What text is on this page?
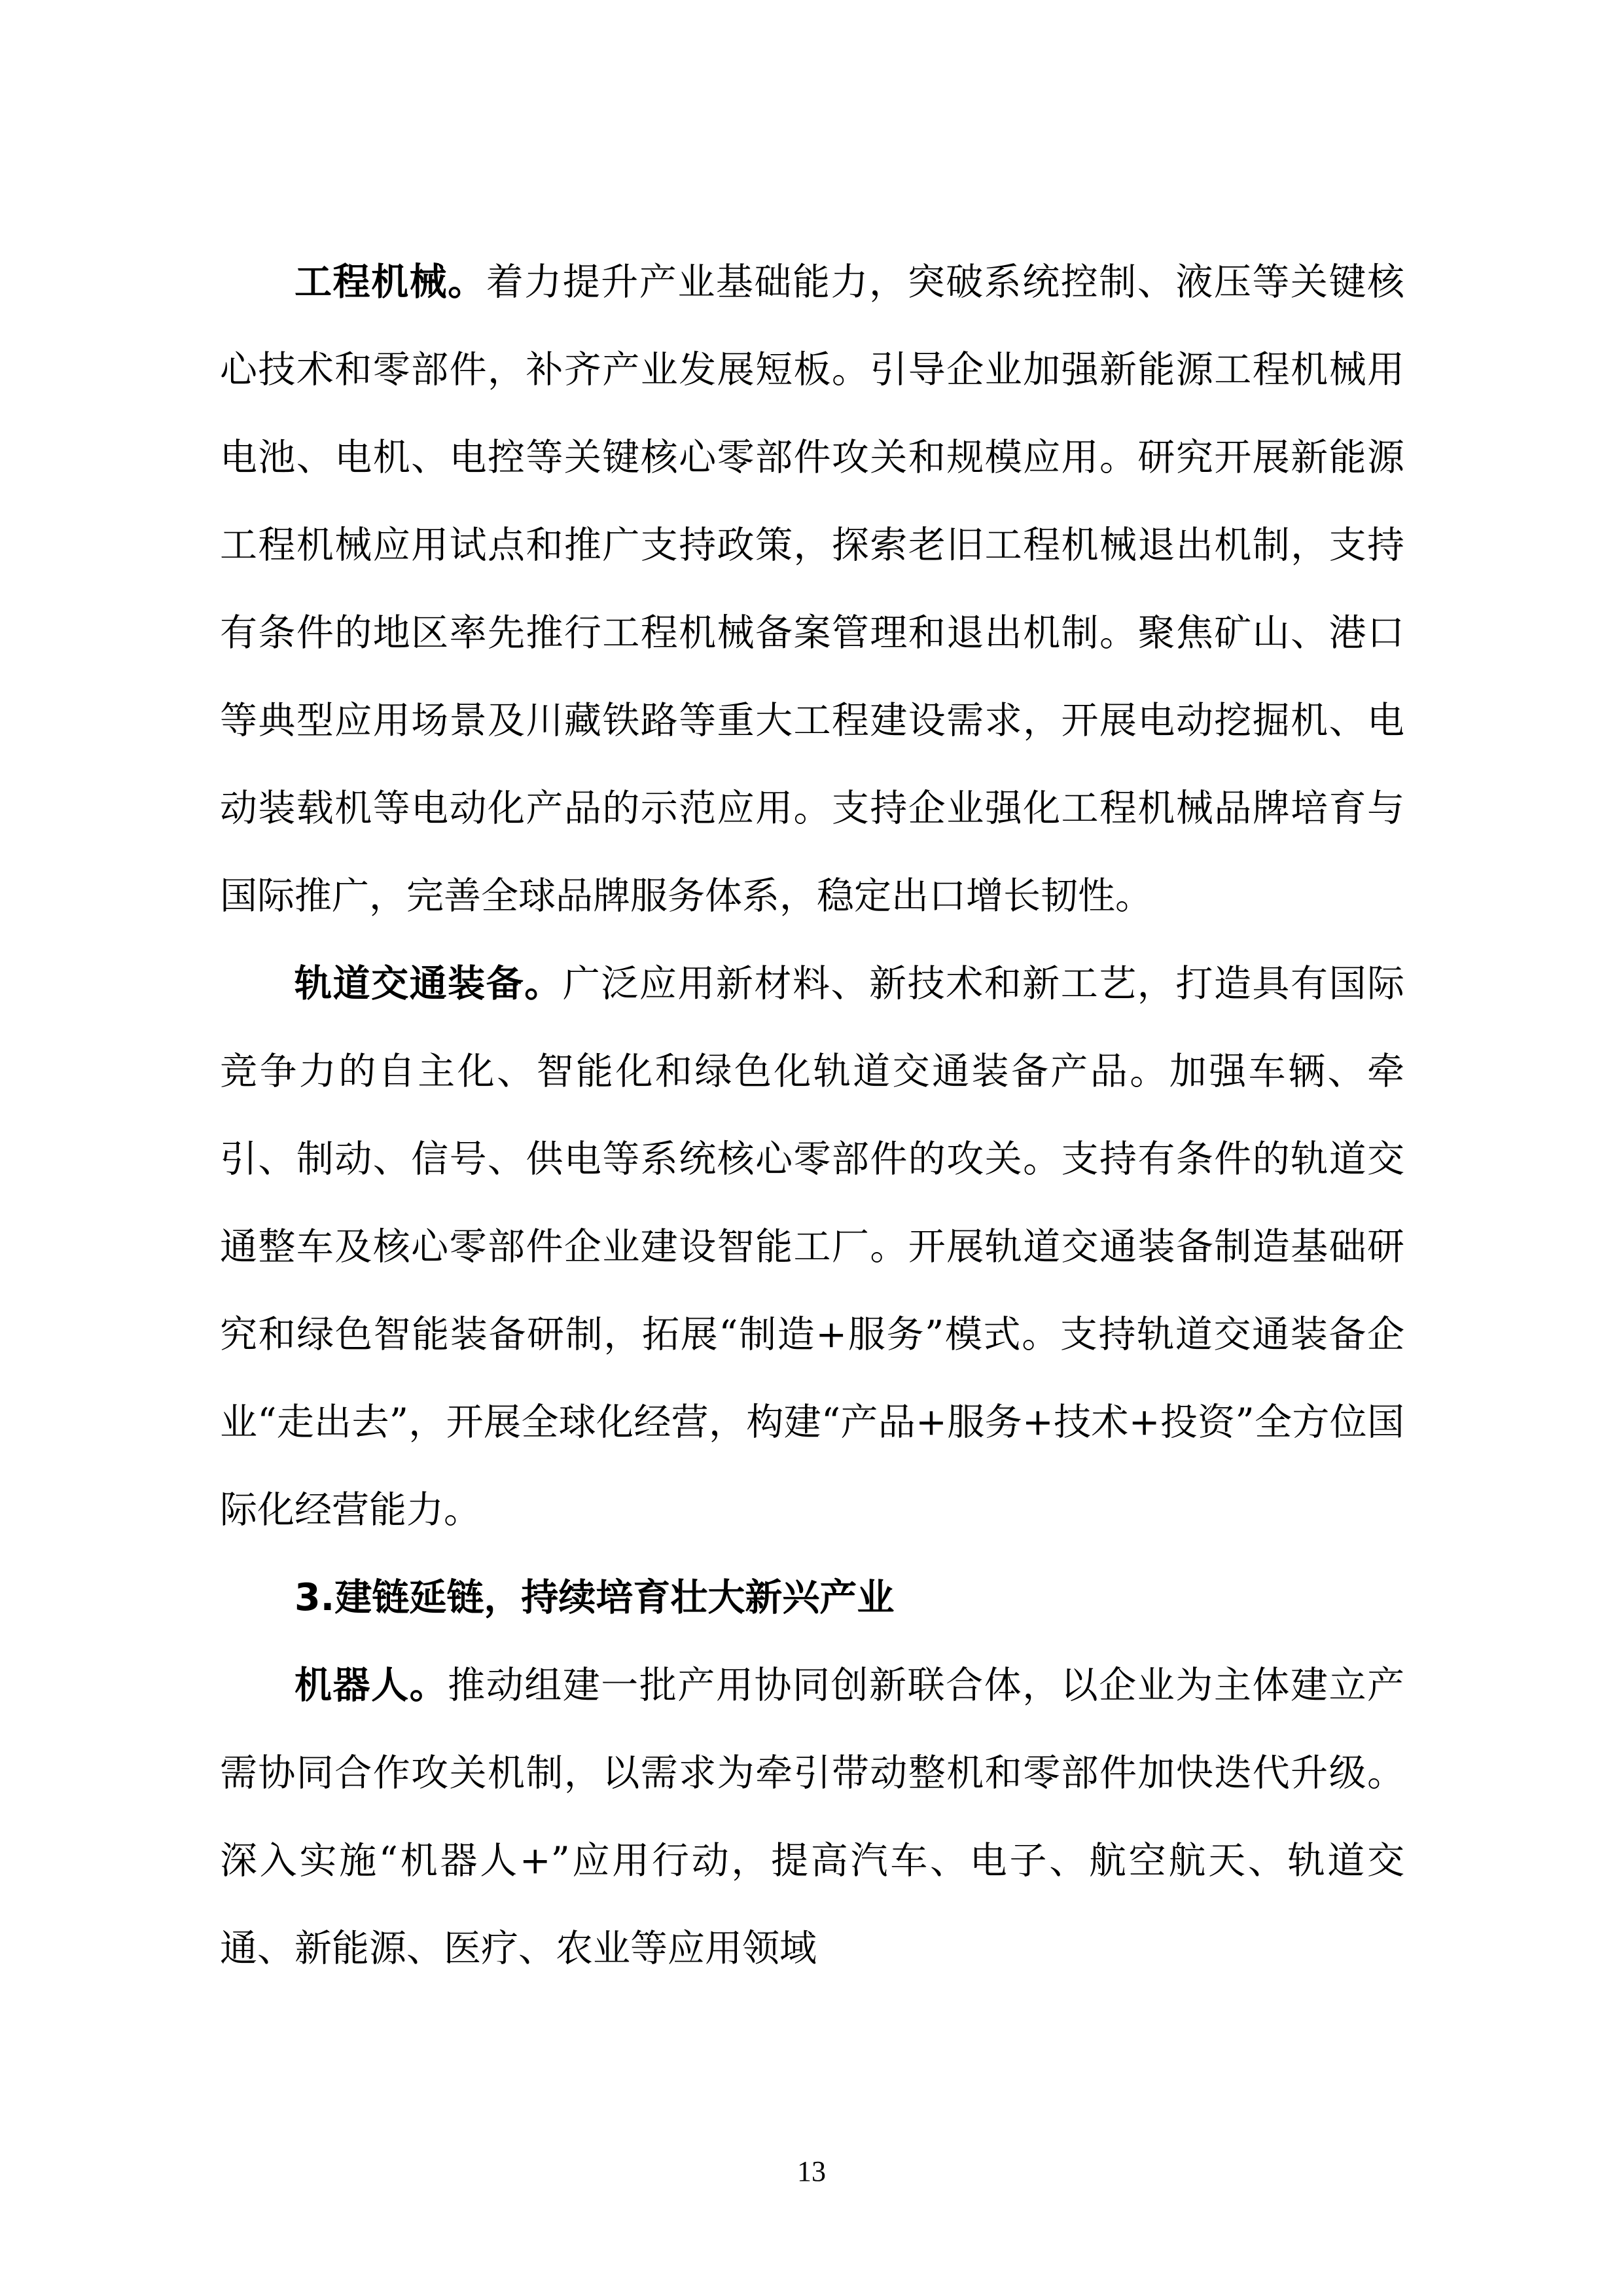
工程机械。着力提升产业基础能力，突破系统控制、液压等关键核心技术和零部件，补齐产业发展短板。引导企业加强新能源工程机械用电池、电机、电控等关键核心零部件攻关和规模应用。研究开展新能源工程机械应用试点和推广支持政策，探索老旧工程机械退出机制，支持有条件的地区率先推行工程机械备案管理和退出机制。聚焦矿山、港口等典型应用场景及川藏铁路等重大工程建设需求，开展电动挖掘机、电动装载机等电动化产品的示范应用。支持企业强化工程机械品牌培育与国际推广，完善全球品牌服务体系，稳定出口增长韧性。

轨道交通装备。广泛应用新材料、新技术和新工艺，打造具有国际竞争力的自主化、智能化和绿色化轨道交通装备产品。加强车辆、牵引、制动、信号、供电等系统核心零部件的攻关。支持有条件的轨道交通整车及核心零部件企业建设智能工厂。开展轨道交通装备制造基础研究和绿色智能装备研制，拓展“制造+服务”模式。支持轨道交通装备企业“走出去”，开展全球化经营，构建“产品+服务+技术+投资”全方位国际化经营能力。

3.建链延链，持续培育壮大新兴产业

机器人。推动组建一批产用协同创新联合体，以企业为主体建立产需协同合作攻关机制，以需求为牵引带动整机和零部件加快迭代升级。深入实施“机器人+”应用行动，提高汽车、电子、航空航天、轨道交通、新能源、医疗、农业等应用领域

13
